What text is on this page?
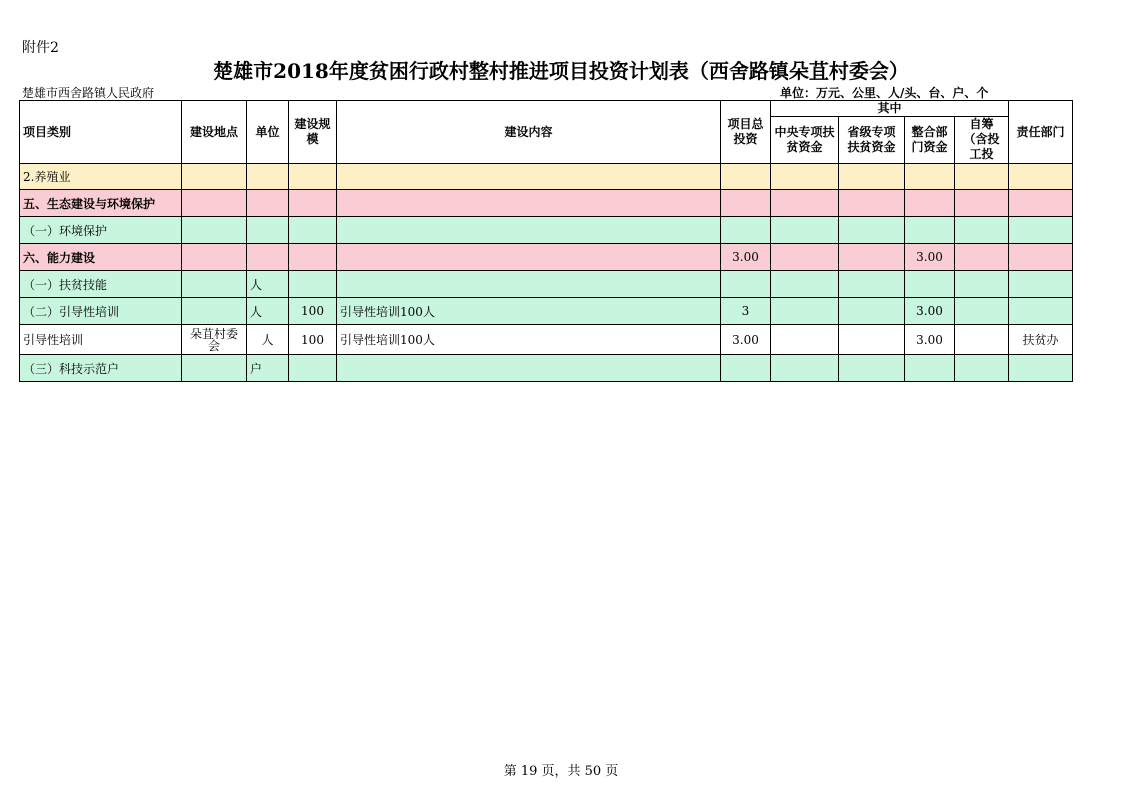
附件2
楚雄市2018年度贫困行政村整村推进项目投资计划表（西舍路镇朵苴村委会）
楚雄市西舍路镇人民政府	单位：万元、公里、人/头、台、户、个
项目类别	建设地点	单位	建设规模	建设内容	项目总投资	其中				责任部门
						中央专项扶贫资金	省级专项扶贫资金	整合部门资金	自筹（含投工投	
2.养殖业										
五、生态建设与环境保护										
（一）环境保护										
六、能力建设					3.00			3.00		
（一）扶贫技能		人								
（二）引导性培训		人	100	引导性培训100人	3			3.00		
引导性培训	朵苴村委会	人	100	引导性培训100人	3.00			3.00		扶贫办
（三）科技示范户		户								
第 19 页，共 50 页
